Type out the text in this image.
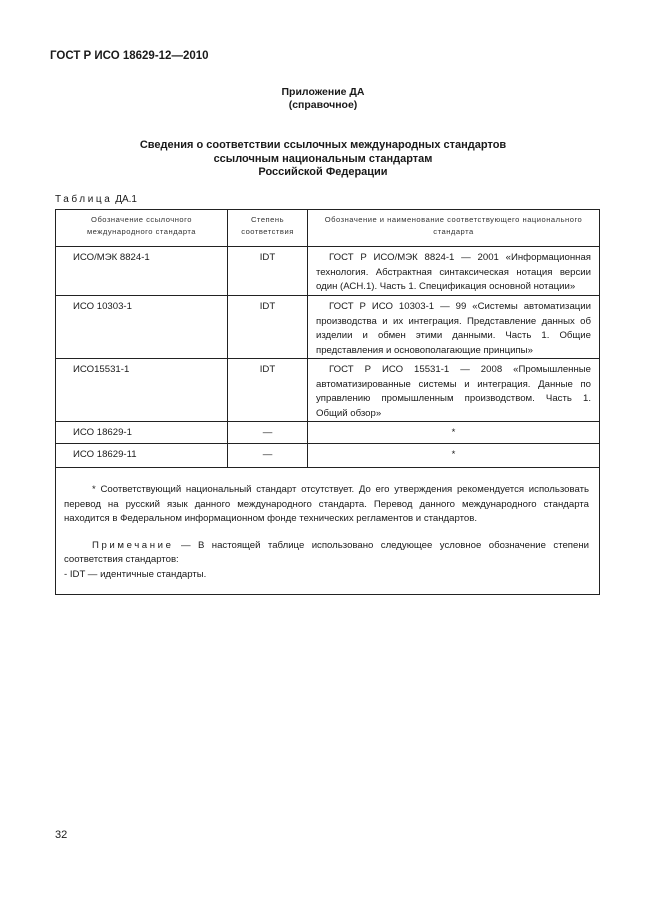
ГОСТ Р ИСО 18629-12—2010
Приложение ДА
(справочное)
Сведения о соответствии ссылочных международных стандартов
ссылочным национальным стандартам
Российской Федерации
Таблица ДА.1
Обозначение ссылочного международного стандарта	Степень соответствия	Обозначение и наименование соответствующего национального стандарта
ИСО/МЭК 8824-1	IDT	ГОСТ Р ИСО/МЭК 8824-1 — 2001 «Информационная технология. Абстрактная синтаксическая нотация версии один (АСН.1). Часть 1. Спецификация основной нотации»
ИСО 10303-1	IDT	ГОСТ Р ИСО 10303-1 — 99 «Системы автоматизации производства и их интеграция. Представление данных об изделии и обмен этими данными. Часть 1. Общие представления и основополагающие принципы»
ИСО15531-1	IDT	ГОСТ Р ИСО 15531-1 — 2008 «Промышленные автоматизированные системы и интеграция. Данные по управлению промышленным производством. Часть 1. Общий обзор»
ИСО 18629-1	—	*
ИСО 18629-11	—	*

* Соответствующий национальный стандарт отсутствует. До его утверждения рекомендуется использовать перевод на русский язык данного международного стандарта. Перевод данного международного стандарта находится в Федеральном информационном фонде технических регламентов и стандартов.

Примечание — В настоящей таблице использовано следующее условное обозначение степени соответствия стандартов:

- IDT — идентичные стандарты.		

32
